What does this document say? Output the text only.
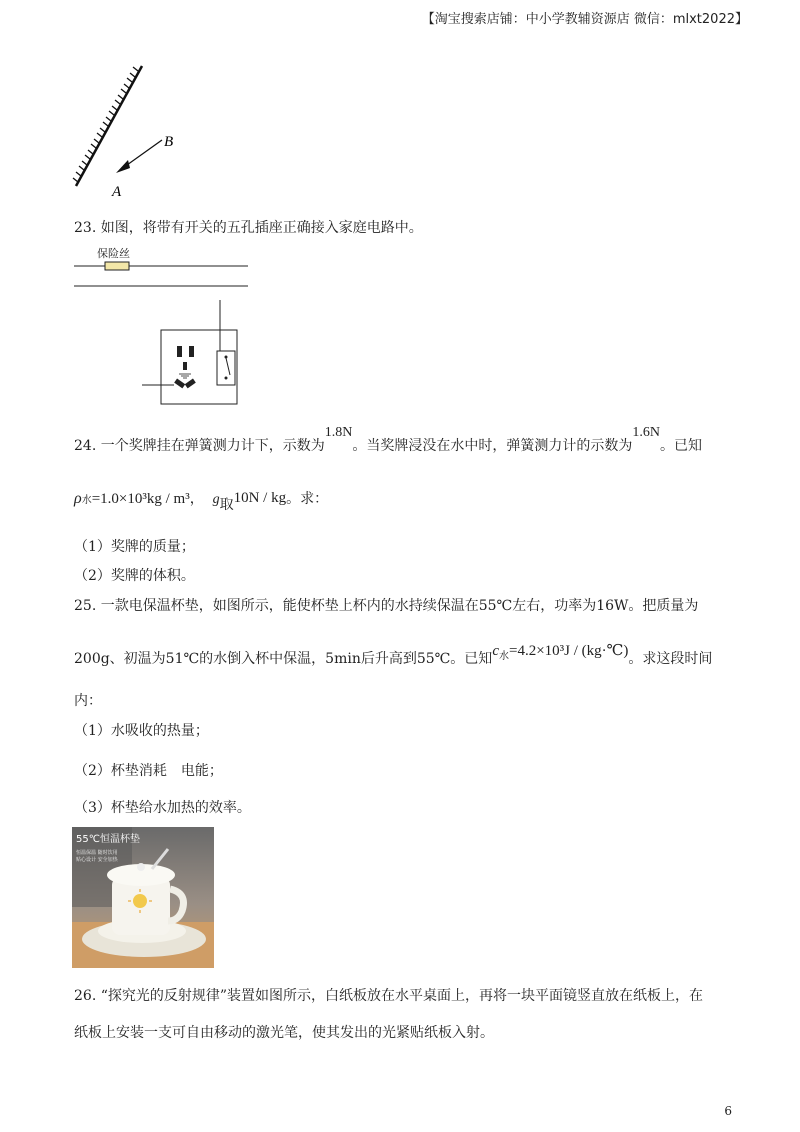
【淘宝搜索店铺：中小学教辅资源店 微信：mlxt2022】
B
A
23. 如图，将带有开关的五孔插座正确接入家庭电路中。
保险丝
24. 一个奖牌挂在弹簧测力计下，示数为1.8N。当奖牌浸没在水中时，弹簧测力计的示数为1.6N。已知
ρ水=1.0×10³kg / m³， g取10N / kg。求：
（1）奖牌的质量；
（2）奖牌的体积。
25. 一款电保温杯垫，如图所示，能使杯垫上杯内的水持续保温在55℃左右，功率为16W。把质量为
200g、初温为51℃的水倒入杯中保温，5min后升高到55℃。已知$c^水=4.2\times 10^3J$ / (kg·℃)。求这段时间
内：
（1）水吸收的热量；
（2）杯垫消耗　电能；
（3）杯垫给水加热的效率。
55℃恒温杯垫
恒温保温 随时饮用
贴心设计 安全加热
26. “探究光的反射规律”装置如图所示，白纸板放在水平桌面上，再将一块平面镜竖直放在纸板上，在
纸板上安装一支可自由移动的激光笔，使其发出的光紧贴纸板入射。
6
